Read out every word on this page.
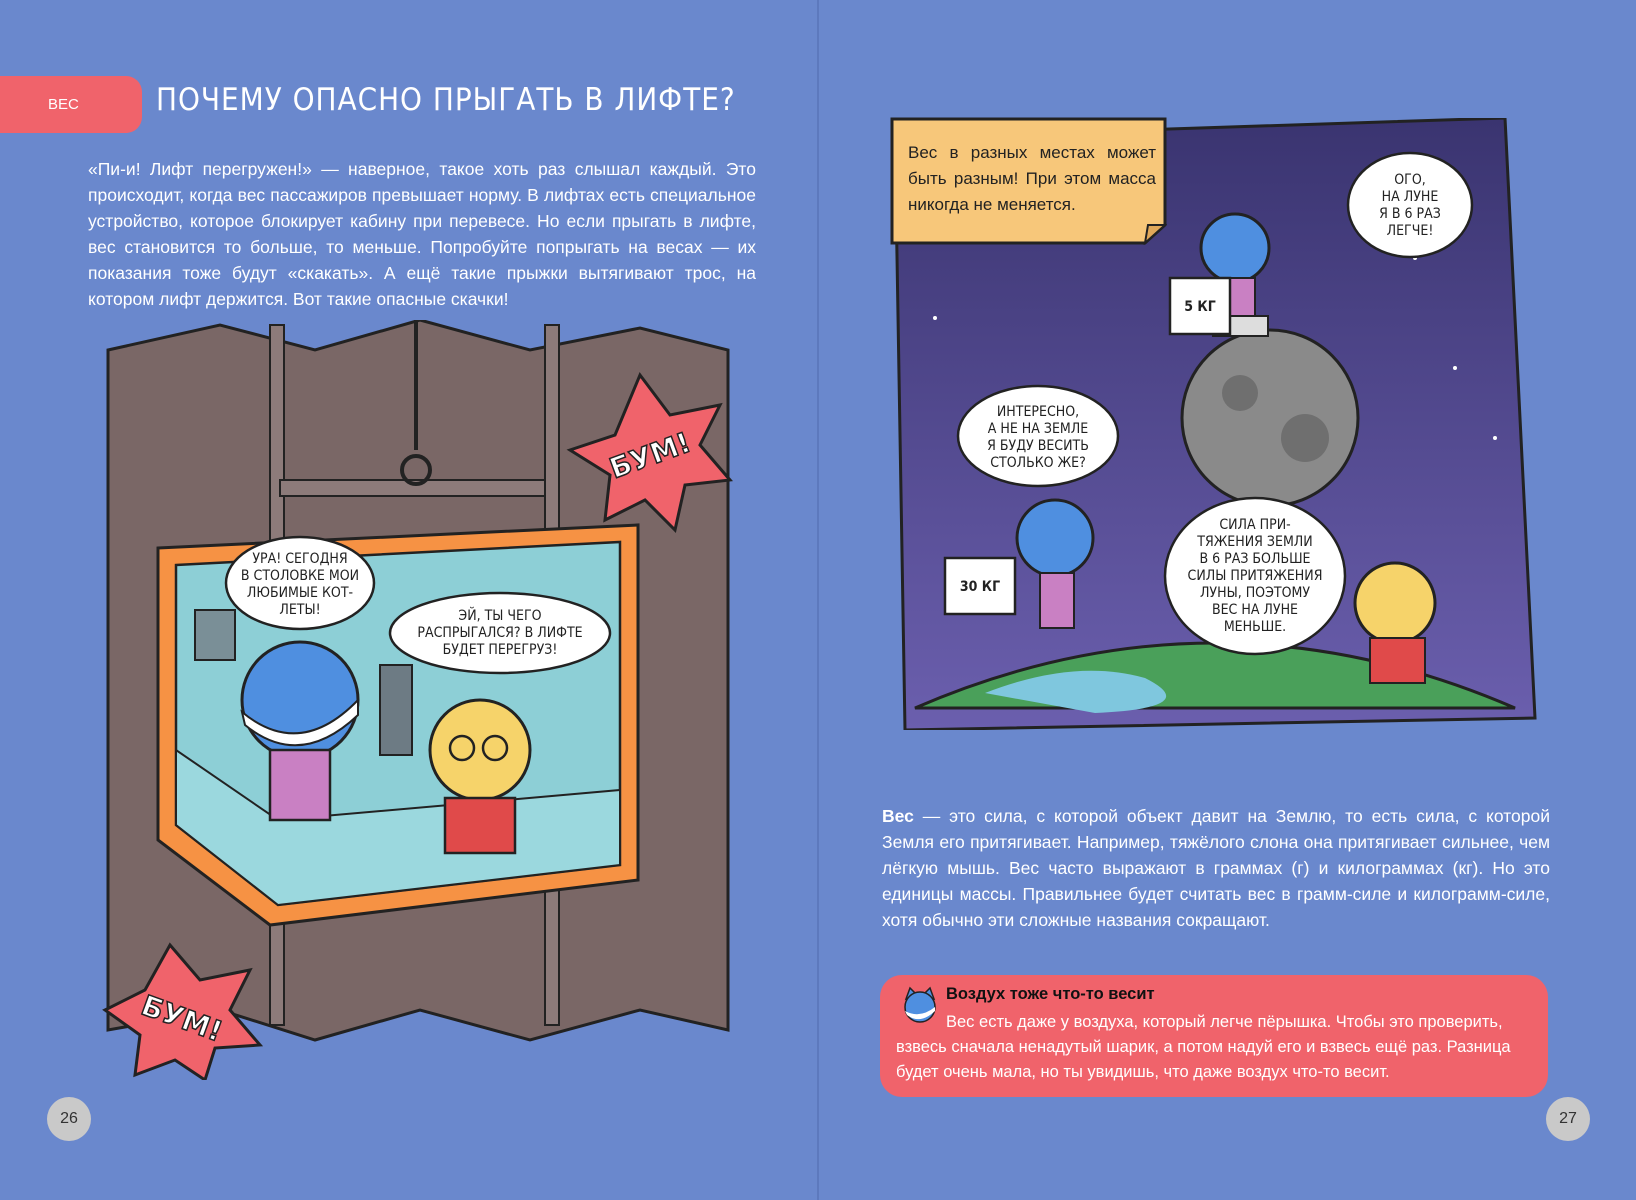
ВЕС	ПОЧЕМУ ОПАСНО ПРЫГАТЬ В ЛИФТЕ?
«Пи-и! Лифт перегружен!» — наверное, такое хоть раз слышал каждый. Это происходит, когда вес пассажиров превышает норму. В лифтах есть специальное устройство, которое блокирует кабину при перевесе. Но если прыгать в лифте, вес становится то больше, то меньше. Попробуйте попрыгать на весах — их показания тоже будут «скакать». А ещё такие прыжки вытягивают трос, на котором лифт держится. Вот такие опасные скачки!
УРА! СЕГОДНЯ
В СТОЛОВКЕ МОИ
ЛЮБИМЫЕ КОТ-
ЛЕТЫ!	ЭЙ, ТЫ ЧЕГО
РАСПРЫГАЛСЯ? В ЛИФТЕ
БУДЕТ ПЕРЕГРУЗ!
БУМ!
БУМ!
26
ОГО,
НА ЛУНЕ
Я В 6 РАЗ
ЛЕГЧЕ!
5 КГ
ИНТЕРЕСНО,
А НЕ НА ЗЕМЛЕ
Я БУДУ ВЕСИТЬ
СТОЛЬКО ЖЕ?
30 КГ
СИЛА ПРИ-
ТЯЖЕНИЯ ЗЕМЛИ
В 6 РАЗ БОЛЬШЕ
СИЛЫ ПРИТЯЖЕНИЯ
ЛУНЫ, ПОЭТОМУ
ВЕС НА ЛУНЕ
МЕНЬШЕ.
Вес в разных местах может быть разным! При этом масса никогда не меняется.
Вес — это сила, с которой объект давит на Землю, то есть сила, с которой Земля его притягивает. Например, тяжёлого слона она притягивает сильнее, чем лёгкую мышь. Вес часто выражают в граммах (г) и килограммах (кг). Но это единицы массы. Правильнее будет считать вес в грамм-силе и килограмм-силе, хотя обычно эти сложные названия сокращают.
Воздух тоже что-то весит
Вес есть даже у воздуха, который легче пёрышка. Чтобы это проверить, взвесь сначала ненадутый шарик, а потом надуй его и взвесь ещё раз. Разница будет очень мала, но ты увидишь, что даже воздух что-то весит.
27
